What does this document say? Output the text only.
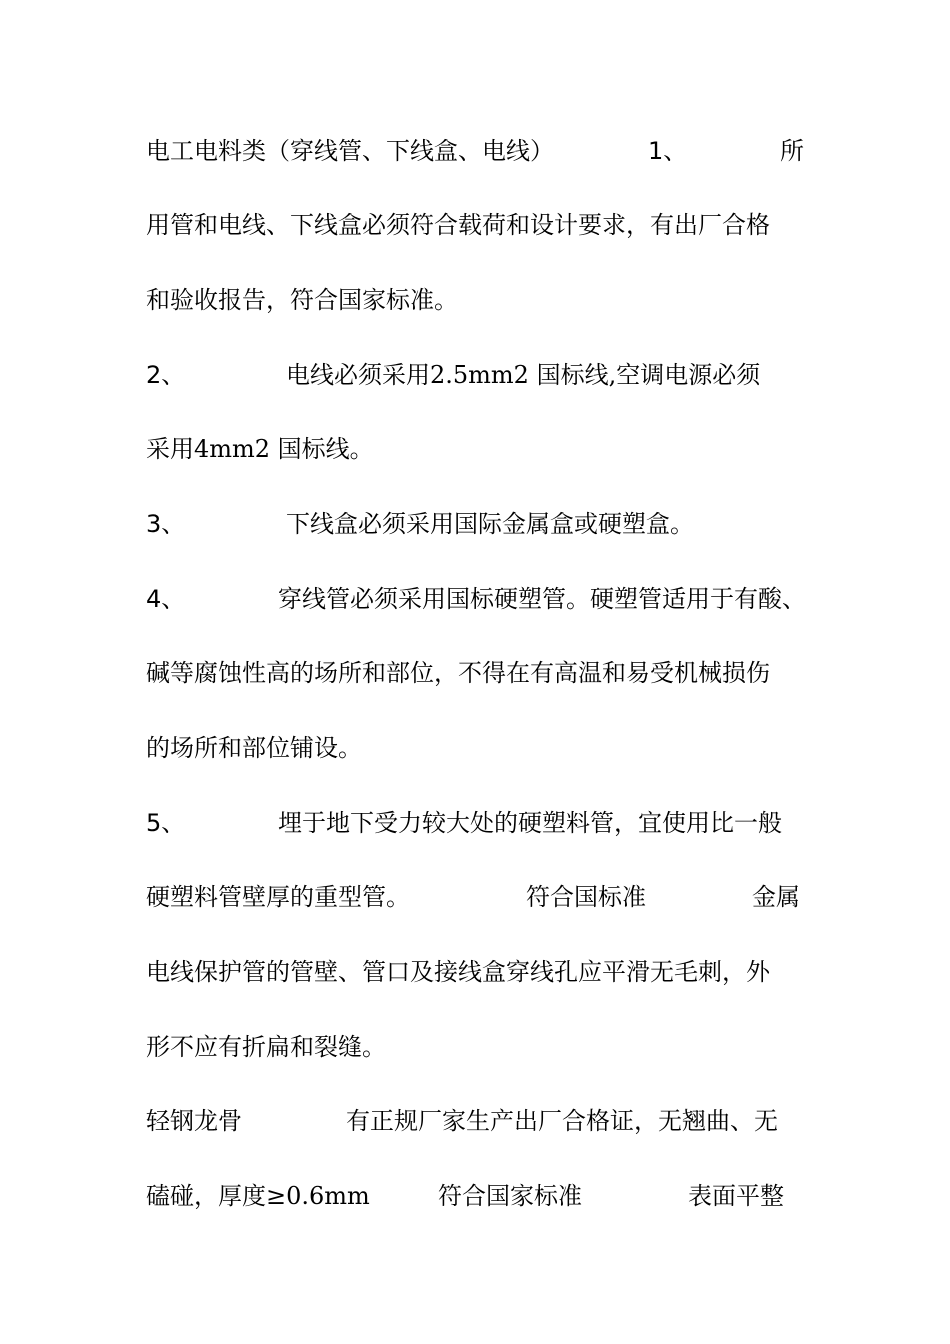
电工电料类（穿线管、下线盒、电线）

	1、

	所

用管和电线、下线盒必须符合载荷和设计要求，有出厂合格
和验收报告，符合国家标准。

2、

	电线必须采用2.5mm2 国标线,空调电源必须

采用4mm2 国标线。

3、

	下线盒必须采用国际金属盒或硬塑盒。

4、

	穿线管必须采用国标硬塑管。硬塑管适用于有酸、

碱等腐蚀性高的场所和部位，不得在有高温和易受机械损伤
的场所和部位铺设。

5、

	埋于地下受力较大处的硬塑料管，宜使用比一般

硬塑料管壁厚的重型管。

	符合国标准

	金属

电线保护管的管壁、管口及接线盒穿线孔应平滑无毛刺，外
形不应有折扁和裂缝。

轻钢龙骨

	有正规厂家生产出厂合格证，无翘曲、无

磕碰，厚度≥0.6mm

	符合国家标准

	表面平整
